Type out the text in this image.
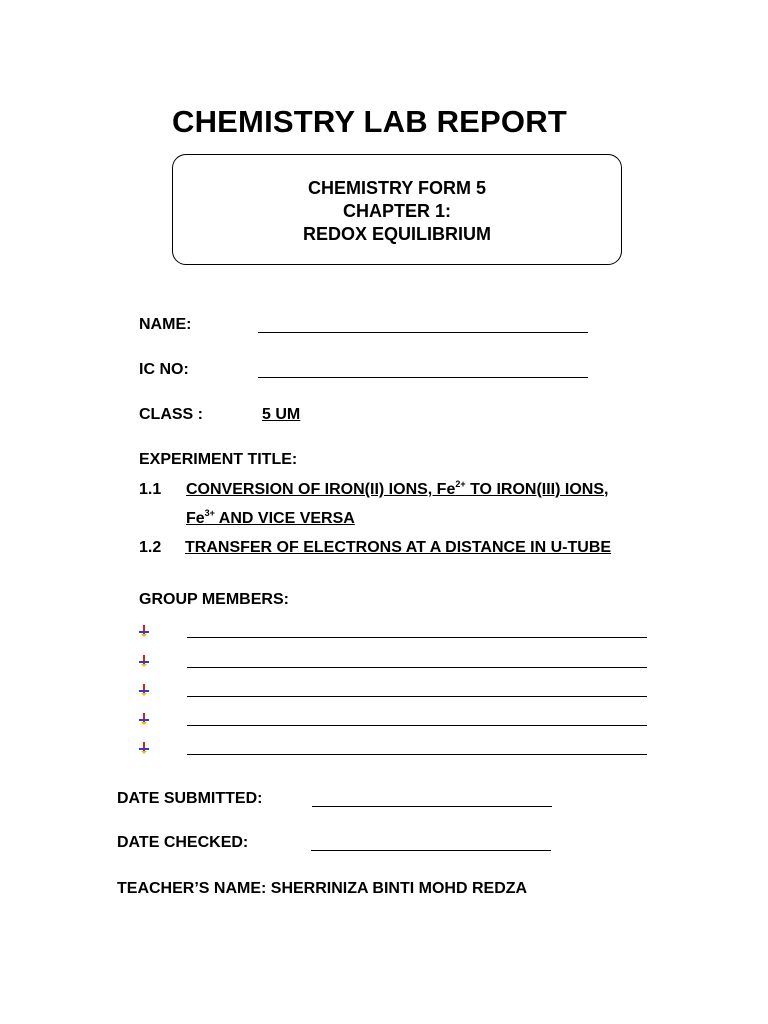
CHEMISTRY LAB REPORT
CHEMISTRY FORM 5
CHAPTER 1:
REDOX EQUILIBRIUM
NAME:
IC NO:
CLASS :	5 UM
EXPERIMENT TITLE:
1.1 CONVERSION OF IRON(II) IONS, $Fe^{2+}$ TO IRON(III) IONS,
$Fe^{3+}$ AND VICE VERSA
1.2 TRANSFER OF ELECTRONS AT A DISTANCE IN U-TUBE
GROUP MEMBERS:
DATE SUBMITTED:
DATE CHECKED:
TEACHER’S NAME: SHERRINIZA BINTI MOHD REDZA
